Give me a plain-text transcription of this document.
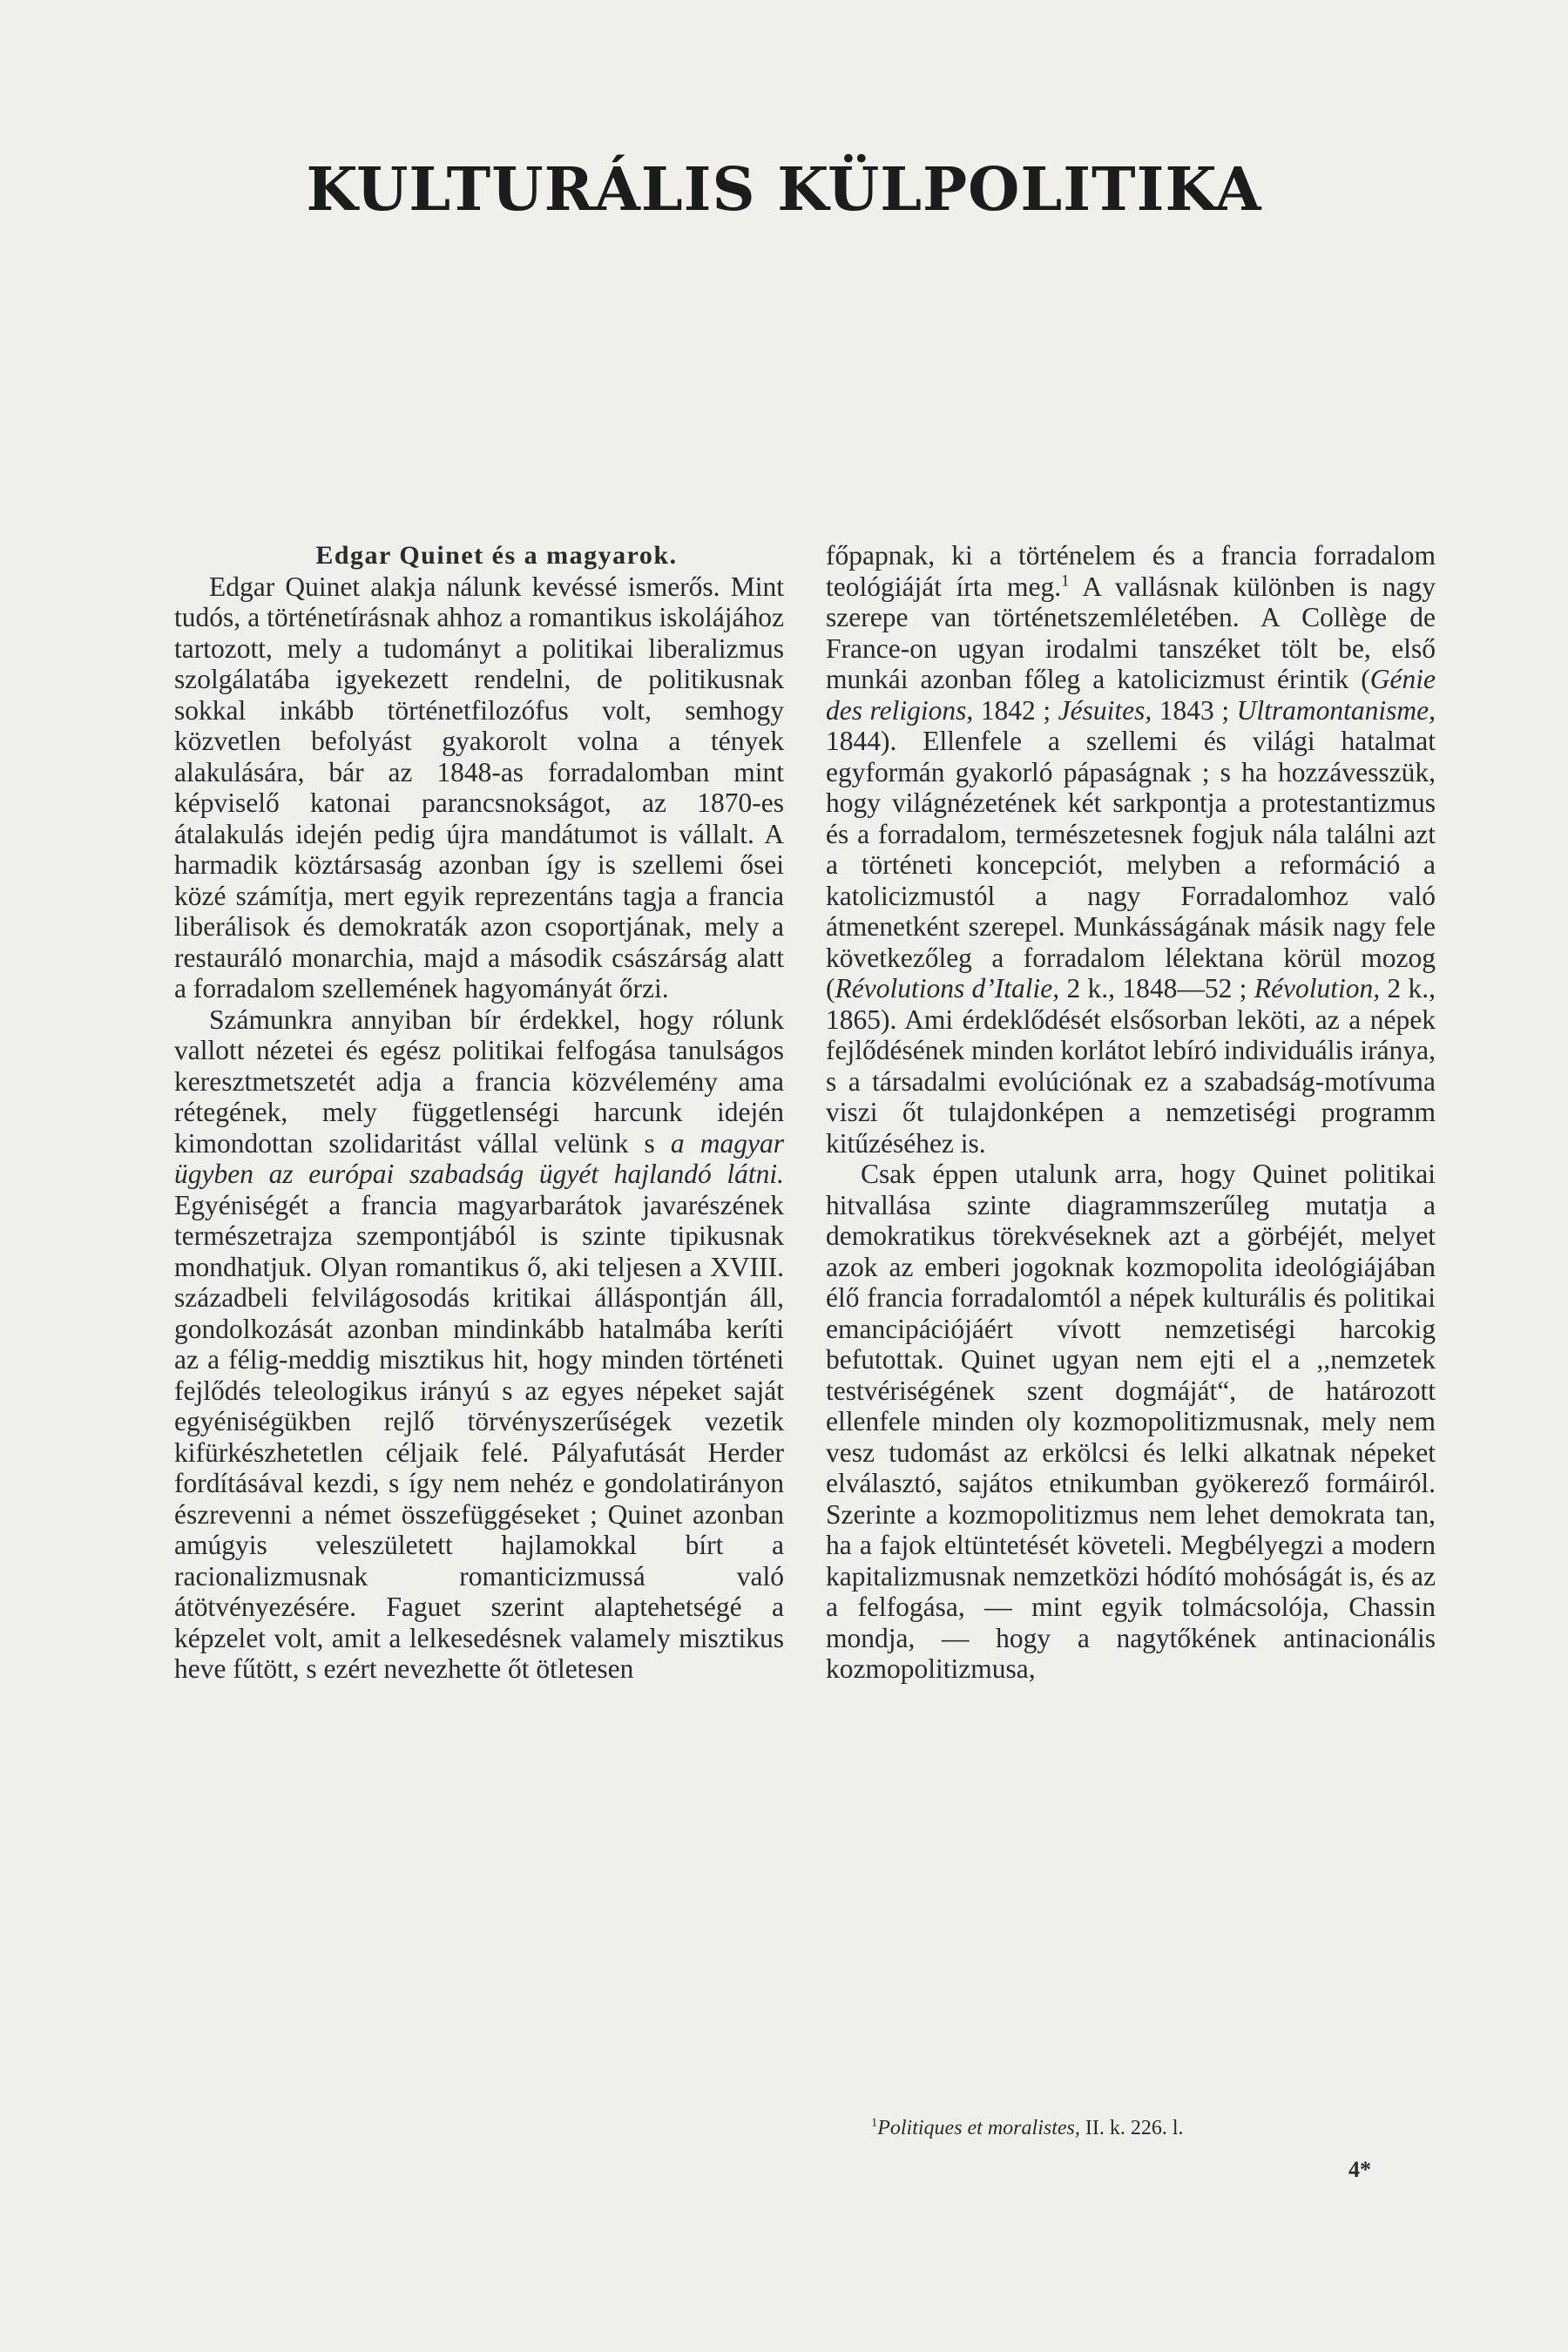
KULTURÁLIS KÜLPOLITIKA

Edgar Quinet és a magyarok.

Edgar Quinet alakja nálunk kevéssé ismerős. Mint tudós, a történetírásnak ahhoz a romantikus iskolájához tartozott, mely a tudományt a politikai liberalizmus szolgálatába igyekezett rendelni, de politikusnak sokkal inkább történetfilozófus volt, semhogy közvetlen befolyást gyakorolt volna a tények alakulására, bár az 1848-as forradalomban mint képviselő katonai parancsnokságot, az 1870-es átalakulás idején pedig újra mandátumot is vállalt. A harmadik köztársaság azonban így is szellemi ősei közé számítja, mert egyik reprezentáns tagja a francia liberálisok és demokraták azon csoportjának, mely a restauráló monarchia, majd a második császárság alatt a forradalom szellemének hagyományát őrzi.

Számunkra annyiban bír érdekkel, hogy rólunk vallott nézetei és egész politikai felfogása tanulságos keresztmetszetét adja a francia közvélemény ama rétegének, mely függetlenségi harcunk idején kimondottan szolidaritást vállal velünk s a magyar ügyben az európai szabadság ügyét hajlandó látni. Egyéniségét a francia magyarbarátok javarészének természetrajza szempontjából is szinte tipikusnak mondhatjuk. Olyan romantikus ő, aki teljesen a XVIII. századbeli felvilágosodás kritikai álláspontján áll, gondolkozását azonban mindinkább hatalmába keríti az a félig-meddig misztikus hit, hogy minden történeti fejlődés teleologikus irányú s az egyes népeket saját egyéniségükben rejlő törvényszerűségek vezetik kifürkészhetetlen céljaik felé. Pályafutását Herder fordításával kezdi, s így nem nehéz e gondolatirányon észrevenni a német összefüggéseket ; Quinet azonban amúgyis veleszületett hajlamokkal bírt a racionalizmusnak romanticizmussá való átötvényezésére. Faguet szerint alaptehetségé a képzelet volt, amit a lelkesedésnek valamely misztikus heve fűtött, s ezért nevezhette őt ötletesen

főpapnak, ki a történelem és a francia forradalom teológiáját írta meg.$^1$ A vallásnak különben is nagy szerepe van történetszemléletében. A Collège de France-on ugyan irodalmi tanszéket tölt be, első munkái azonban főleg a katolicizmust érintik (Génie des religions, 1842 ; Jésuites, 1843 ; Ultramontanisme, 1844). Ellenfele a szellemi és világi hatalmat egyformán gyakorló pápaságnak ; s ha hozzávesszük, hogy világnézetének két sarkpontja a protestantizmus és a forradalom, természetesnek fogjuk nála találni azt a történeti koncepciót, melyben a reformáció a katolicizmustól a nagy Forradalomhoz való átmenetként szerepel. Munkásságának másik nagy fele következőleg a forradalom lélektana körül mozog (Révolutions d’Italie, 2 k., 1848—52 ; Révolution, 2 k., 1865). Ami érdeklődését elsősorban leköti, az a népek fejlődésének minden korlátot lebíró individuális iránya, s a társadalmi evolúciónak ez a szabadság-motívuma viszi őt tulajdonképen a nemzetiségi programm kitűzéséhez is.

Csak éppen utalunk arra, hogy Quinet politikai hitvallása szinte diagrammszerűleg mutatja a demokratikus törekvéseknek azt a görbéjét, melyet azok az emberi jogoknak kozmopolita ideológiájában élő francia forradalomtól a népek kulturális és politikai emancipációjáért vívott nemzetiségi harcokig befutottak. Quinet ugyan nem ejti el a ,,nemzetek testvériségének szent dogmáját“, de határozott ellenfele minden oly kozmopolitizmusnak, mely nem vesz tudomást az erkölcsi és lelki alkatnak népeket elválasztó, sajátos etnikumban gyökerező formáiról. Szerinte a kozmopolitizmus nem lehet demokrata tan, ha a fajok eltüntetését követeli. Megbélyegzi a modern kapitalizmusnak nemzetközi hódító mohóságát is, és az a felfogása, — mint egyik tolmácsolója, Chassin mondja, — hogy a nagytőkének antinacionális kozmopolitizmusa,

$^1$Politiques et moralistes, II. k. 226. l.
4*
